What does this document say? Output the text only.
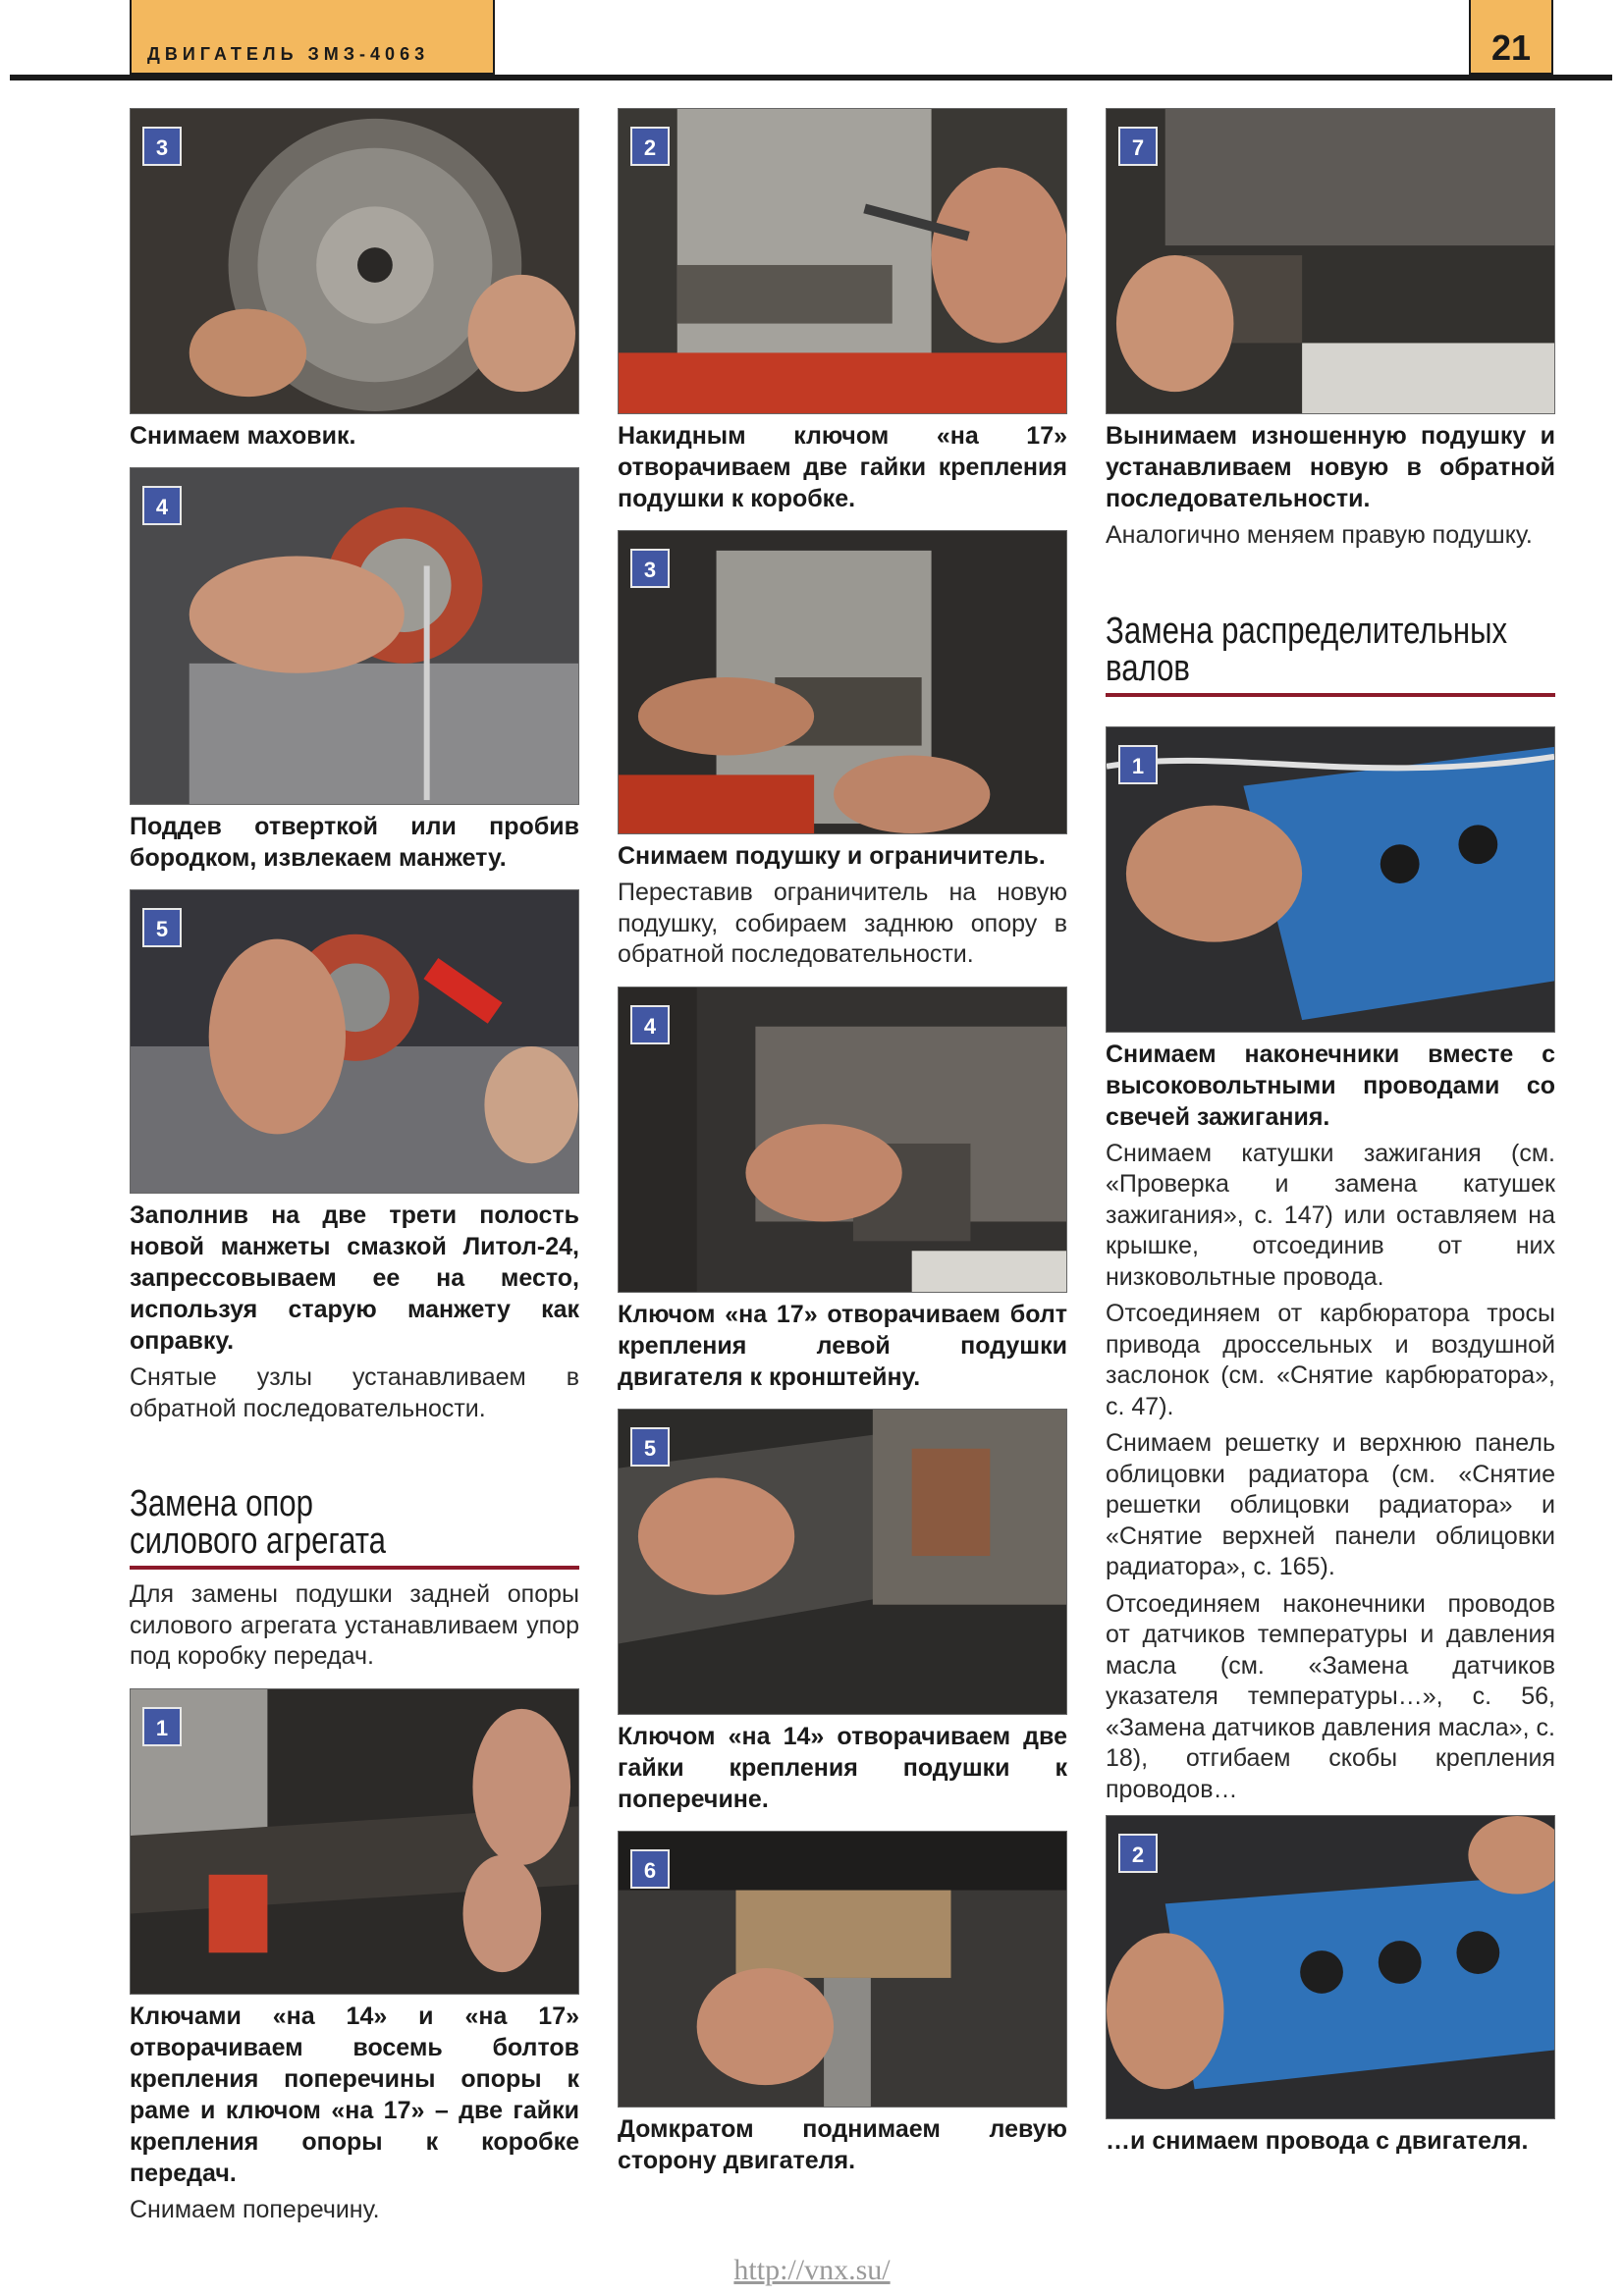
ДВИГАТЕЛЬ ЗМЗ-4063	21
3

Снимаем маховик.

4

Поддев отверткой или пробив бородком, извлекаем манжету.

5

Заполнив на две трети полость новой манжеты смазкой Литол-24, запрессовываем ее на место, используя старую манжету как оправку.

Снятые узлы устанавливаем в обратной последовательности.

Замена опор
силового агрегата

Для замены подушки задней опоры силового агрегата устанавливаем упор под коробку передач.

1

Ключами «на 14» и «на 17» отворачиваем восемь болтов крепления поперечины опоры к раме и ключом «на 17» – две гайки крепления опоры к коробке передач.

Снимаем поперечину.

2

Накидным ключом «на 17» отворачиваем две гайки крепления подушки к коробке.

3

Снимаем подушку и ограничитель.

Переставив ограничитель на новую подушку, собираем заднюю опору в обратной последовательности.

4

Ключом «на 17» отворачиваем болт крепления левой подушки двигателя к кронштейну.

5

Ключом «на 14» отворачиваем две гайки крепления подушки к поперечине.

6

Домкратом поднимаем левую сторону двигателя.

7

Вынимаем изношенную подушку и устанавливаем новую в обратной последовательности.

Аналогично меняем правую подушку.

Замена распределительных
валов
1

Снимаем наконечники вместе с высоковольтными проводами со свечей зажигания.

Снимаем катушки зажигания (см. «Проверка и замена катушек зажигания», с. 147) или оставляем на крышке, отсоединив от них низковольтные провода.

Отсоединяем от карбюратора тросы привода дроссельных и воздушной заслонок (см. «Снятие карбюратора», с. 47).

Снимаем решетку и верхнюю панель облицовки радиатора (см. «Снятие решетки облицовки радиатора» и «Снятие верхней панели облицовки радиатора», с. 165).

Отсоединяем наконечники проводов от датчиков температуры и давления масла (см. «Замена датчиков указателя температуры…», с. 56, «Замена датчиков давления масла», с. 18), отгибаем скобы крепления проводов…

2

…и снимаем провода с двигателя.

http://vnx.su/
